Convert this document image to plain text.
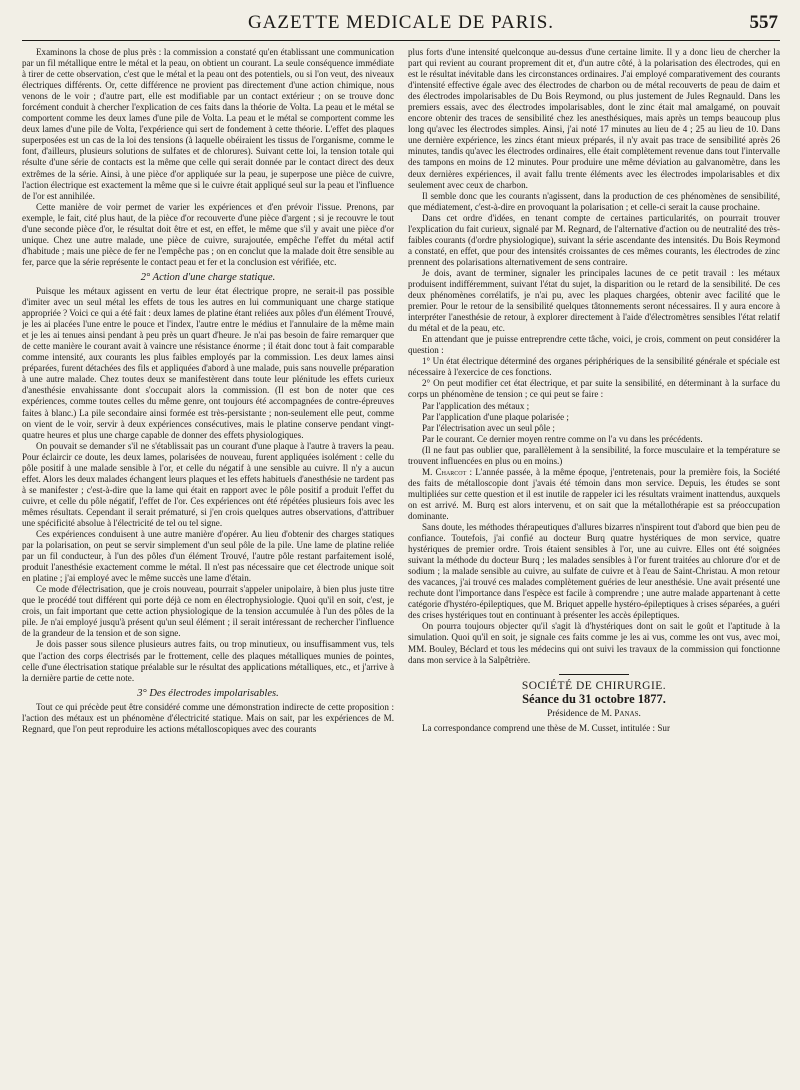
GAZETTE MEDICALE DE PARIS.	557

Examinons la chose de plus près : la commission a constaté qu'en établissant une communication par un fil métallique entre le métal et la peau, on obtient un courant. La seule conséquence immédiate à tirer de cette observation, c'est que le métal et la peau ont des potentiels, ou si l'on veut, des niveaux électriques différents. Or, cette différence ne provient pas directement d'une action chimique, nous venons de le voir ; d'autre part, elle est modifiable par un contact extérieur ; on se trouve donc forcément conduit à chercher l'explication de ces faits dans la théorie de Volta. La peau et le métal se comportent comme les deux lames d'une pile de Volta. La peau et le métal se comportent comme les deux lames d'une pile de Volta, l'expérience qui sert de fondement à cette théorie. L'effet des plaques superposées est un cas de la loi des tensions (à laquelle obéiraient les tissus de l'organisme, comme le font, d'ailleurs, plusieurs solutions de sulfates et de chlorures). Suivant cette loi, la tension totale qui résulte d'une série de contacts est la même que celle qui serait donnée par le contact direct des deux extrêmes de la série. Ainsi, à une pièce d'or appliquée sur la peau, je superpose une pièce de cuivre, l'action électrique est exactement la même que si le cuivre était appliqué seul sur la peau et l'influence de l'or est annihilée.

Cette manière de voir permet de varier les expériences et d'en prévoir l'issue. Prenons, par exemple, le fait, cité plus haut, de la pièce d'or recouverte d'une pièce d'argent ; si je recouvre le tout d'une seconde pièce d'or, le résultat doit être et est, en effet, le même que s'il y avait une pièce d'or unique. Chez une autre malade, une pièce de cuivre, surajoutée, empêche l'effet du métal actif d'habitude ; mais une pièce de fer ne l'empêche pas ; on en conclut que la malade doit être sensible au fer, parce que la série représente le contact peau et fer et la conclusion est vérifiée, etc.

2° Action d'une charge statique.

Puisque les métaux agissent en vertu de leur état électrique propre, ne serait-il pas possible d'imiter avec un seul métal les effets de tous les autres en lui communiquant une charge statique appropriée ? Voici ce qui a été fait : deux lames de platine étant reliées aux pôles d'un élément Trouvé, je les ai placées l'une entre le pouce et l'index, l'autre entre le médius et l'annulaire de la même main et je les ai tenues ainsi pendant à peu près un quart d'heure. Je n'ai pas besoin de faire remarquer que de cette manière le courant avait à vaincre une résistance énorme ; il était donc tout à fait comparable comme intensité, aux courants les plus faibles employés par la commission. Les deux lames ainsi préparées, furent détachées des fils et appliquées d'abord à une malade, puis sans nouvelle préparation à une autre malade. Chez toutes deux se manifestèrent dans toute leur plénitude les effets curieux d'anesthésie envahissante dont s'occupait alors la commission. (Il est bon de noter que ces expériences, comme toutes celles du même genre, ont toujours été accompagnées de contre-épreuves faites à blanc.) La pile secondaire ainsi formée est très-persistante ; non-seulement elle peut, comme on vient de le voir, servir à deux expériences consécutives, mais le platine conserve pendant vingt-quatre heures et plus une charge capable de donner des effets physiologiques.

On pouvait se demander s'il ne s'établissait pas un courant d'une plaque à l'autre à travers la peau. Pour éclaircir ce doute, les deux lames, polarisées de nouveau, furent appliquées isolément : celle du pôle positif à une malade sensible à l'or, et celle du négatif à une sensible au cuivre. Il n'y a aucun effet. Alors les deux malades échangent leurs plaques et les effets habituels d'anesthésie ne tardent pas à se manifester ; c'est-à-dire que la lame qui était en rapport avec le pôle positif a produit l'effet du cuivre, et celle du pôle négatif, l'effet de l'or. Ces expériences ont été répétées plusieurs fois avec les mêmes résultats. Cependant il serait prématuré, si j'en crois quelques autres observations, d'attribuer une spécificité absolue à l'électricité de tel ou tel signe.

Ces expériences conduisent à une autre manière d'opérer. Au lieu d'obtenir des charges statiques par la polarisation, on peut se servir simplement d'un seul pôle de la pile. Une lame de platine reliée par un fil conducteur, à l'un des pôles d'un élément Trouvé, l'autre pôle restant parfaitement isolé, produit l'anesthésie exactement comme le métal. Il n'est pas nécessaire que cet électrode unique soit en platine ; j'ai employé avec le même succès une lame d'étain.

Ce mode d'électrisation, que je crois nouveau, pourrait s'appeler unipolaire, à bien plus juste titre que le procédé tout différent qui porte déjà ce nom en électrophysiologie. Quoi qu'il en soit, c'est, je crois, un fait important que cette action physiologique de la tension accumulée à l'un des pôles de la pile. Je n'ai employé jusqu'à présent qu'un seul élément ; il serait intéressant de rechercher l'influence de la grandeur de la tension et de son signe.

Je dois passer sous silence plusieurs autres faits, ou trop minutieux, ou insuffisamment vus, tels que l'action des corps électrisés par le frottement, celle des plaques métalliques munies de pointes, celle d'une électrisation statique préalable sur le résultat des applications métalliques, etc., et j'arrive à la dernière partie de cette note.

3° Des électrodes impolarisables.

Tout ce qui précède peut être considéré comme une démonstration indirecte de cette proposition : l'action des métaux est un phénomène d'électricité statique. Mais on sait, par les expériences de M. Regnard, que l'on peut reproduire les actions métalloscopiques avec des courants

plus forts d'une intensité quelconque au-dessus d'une certaine limite. Il y a donc lieu de chercher la part qui revient au courant proprement dit et, d'un autre côté, à la polarisation des électrodes, qui en est le résultat inévitable dans les circonstances ordinaires. J'ai employé comparativement des courants d'intensité effective égale avec des électrodes de charbon ou de métal recouverts de peau de daim et des électrodes impolarisables de Du Bois Reymond, ou plus justement de Jules Regnauld. Dans les premiers essais, avec des électrodes impolarisables, dont le zinc était mal amalgamé, on pouvait encore obtenir des traces de sensibilité chez les anesthésiques, mais après un temps beaucoup plus long qu'avec les électrodes simples. Ainsi, j'ai noté 17 minutes au lieu de 4 ; 25 au lieu de 10. Dans une dernière expérience, les zincs étant mieux préparés, il n'y avait pas trace de sensibilité après 26 minutes, tandis qu'avec les électrodes ordinaires, elle était complètement revenue dans tout l'intervalle des tampons en moins de 12 minutes. Pour produire une même déviation au galvanomètre, dans les deux dernières expériences, il avait fallu trente éléments avec les électrodes impolarisables et dix seulement avec ceux de charbon.

Il semble donc que les courants n'agissent, dans la production de ces phénomènes de sensibilité, que médiatement, c'est-à-dire en provoquant la polarisation ; et celle-ci serait la cause prochaine.

Dans cet ordre d'idées, en tenant compte de certaines particularités, on pourrait trouver l'explication du fait curieux, signalé par M. Regnard, de l'alternative d'action ou de neutralité des très-faibles courants (d'ordre physiologique), suivant la série ascendante des intensités. Du Bois Reymond a constaté, en effet, que pour des intensités croissantes de ces mêmes courants, les électrodes de zinc prennent des polarisations alternativement de sens contraire.

Je dois, avant de terminer, signaler les principales lacunes de ce petit travail : les métaux produisent indifféremment, suivant l'état du sujet, la disparition ou le retard de la sensibilité. De ces deux phénomènes corrélatifs, je n'ai pu, avec les plaques chargées, obtenir avec facilité que le premier. Pour le retour de la sensibilité quelques tâtonnements seront nécessaires. Il y aura encore à interpréter l'anesthésie de retour, à explorer directement à l'aide d'électromètres sensibles l'état relatif du métal et de la peau, etc.

En attendant que je puisse entreprendre cette tâche, voici, je crois, comment on peut considérer la question :

1° Un état électrique déterminé des organes périphériques de la sensibilité générale et spéciale est nécessaire à l'exercice de ces fonctions.

2° On peut modifier cet état électrique, et par suite la sensibilité, en déterminant à la surface du corps un phénomène de tension ; ce qui peut se faire :

Par l'application des métaux ;

Par l'application d'une plaque polarisée ;

Par l'électrisation avec un seul pôle ;

Par le courant. Ce dernier moyen rentre comme on l'a vu dans les précédents.

(Il ne faut pas oublier que, parallèlement à la sensibilité, la force musculaire et la température se trouvent influencées en plus ou en moins.)

M. Charcot : L'année passée, à la même époque, j'entretenais, pour la première fois, la Société des faits de métalloscopie dont j'avais été témoin dans mon service. Depuis, les études se sont multipliées sur cette question et il est inutile de rappeler ici les résultats vraiment inattendus, auxquels on est arrivé. M. Burq est alors intervenu, et on sait que la métallothérapie est sa préoccupation dominante.

Sans doute, les méthodes thérapeutiques d'allures bizarres n'inspirent tout d'abord que bien peu de confiance. Toutefois, j'ai confié au docteur Burq quatre hystériques de mon service, quatre hystériques de premier ordre. Trois étaient sensibles à l'or, une au cuivre. Elles ont été soignées suivant la méthode du docteur Burq ; les malades sensibles à l'or furent traitées au chlorure d'or et de sodium ; la malade sensible au cuivre, au sulfate de cuivre et à l'eau de Saint-Christau. A mon retour des vacances, j'ai trouvé ces malades complètement guéries de leur anesthésie. Une avait présenté une rechute dont l'importance dans l'espèce est facile à comprendre ; une autre malade appartenant à cette catégorie d'hystéro-épileptiques, que M. Briquet appelle hystéro-épileptiques à crises séparées, a guéri des crises hystériques tout en continuant à présenter les accès épileptiques.

On pourra toujours objecter qu'il s'agit là d'hystériques dont on sait le goût et l'aptitude à la simulation. Quoi qu'il en soit, je signale ces faits comme je les ai vus, comme les ont vus, avec moi, MM. Bouley, Béclard et tous les médecins qui ont suivi les travaux de la commission qui fonctionne dans mon service à la Salpêtrière.

SOCIÉTÉ DE CHIRURGIE.
Séance du 31 octobre 1877.
Présidence de M. Panas.

La correspondance comprend une thèse de M. Cusset, intitulée : Sur
